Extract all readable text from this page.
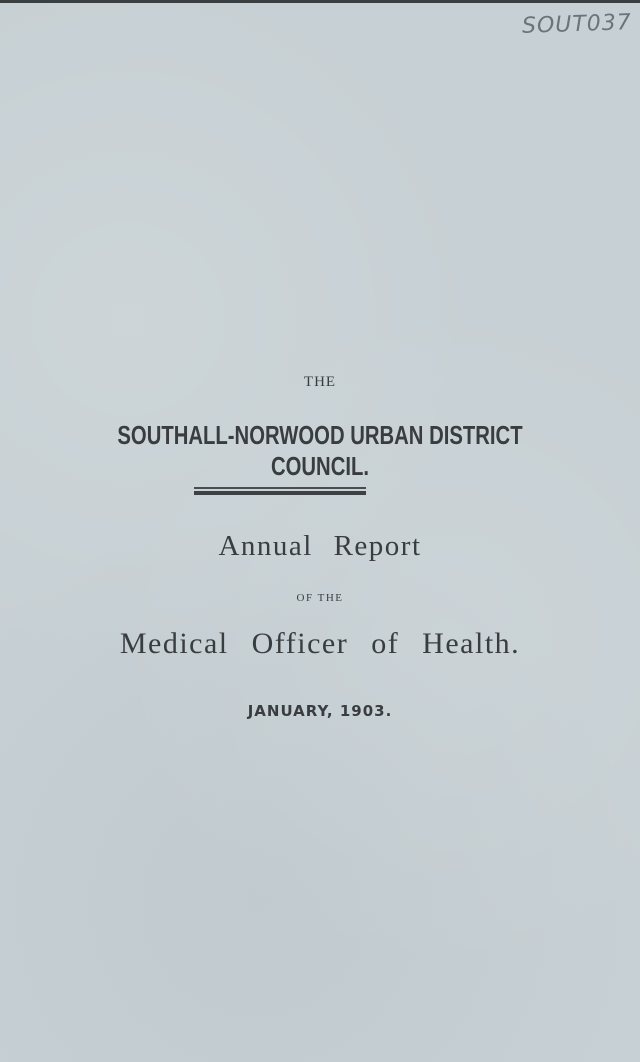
SOUT037
THE
SOUTHALL-NORWOOD URBAN DISTRICT COUNCIL.
Annual Report
OF THE
Medical Officer of Health.
JANUARY, 1903.
